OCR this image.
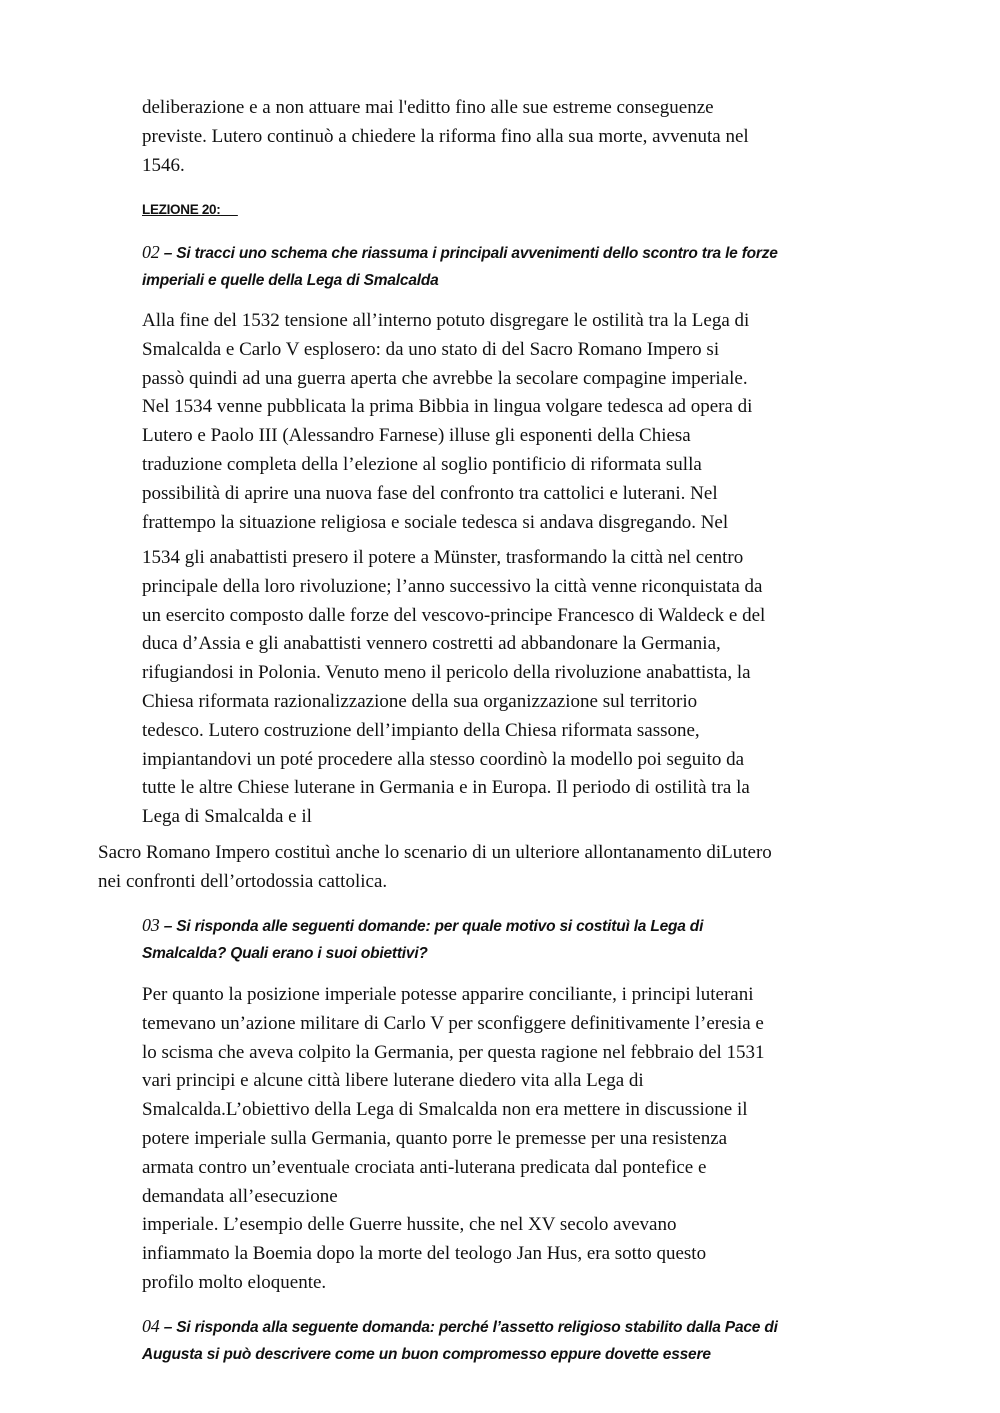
deliberazione e a non attuare mai l'editto fino alle sue estreme conseguenze
previste. Lutero continuò a chiedere la riforma fino alla sua morte, avvenuta nel
1546.
LEZIONE 20:
02 – Si tracci uno schema che riassuma i principali avvenimenti dello scontro tra le forze
imperiali e quelle della Lega di Smalcalda
Alla fine del 1532 tensione all’interno potuto disgregare le ostilità tra la Lega di
Smalcalda e Carlo V esplosero: da uno stato di del Sacro Romano Impero si
passò quindi ad una guerra aperta che avrebbe la secolare compagine imperiale.
Nel 1534 venne pubblicata la prima Bibbia in lingua volgare tedesca ad opera di
Lutero e Paolo III (Alessandro Farnese) illuse gli esponenti della Chiesa
traduzione completa della l’elezione al soglio pontificio di riformata sulla
possibilità di aprire una nuova fase del confronto tra cattolici e luterani. Nel
frattempo la situazione religiosa e sociale tedesca si andava disgregando. Nel
1534 gli anabattisti presero il potere a Münster, trasformando la città nel centro
principale della loro rivoluzione; l’anno successivo la città venne riconquistata da
un esercito composto dalle forze del vescovo-principe Francesco di Waldeck e del
duca d’Assia e gli anabattisti vennero costretti ad abbandonare la Germania,
rifugiandosi in Polonia. Venuto meno il pericolo della rivoluzione anabattista, la
Chiesa riformata razionalizzazione della sua organizzazione sul territorio
tedesco. Lutero costruzione dell’impianto della Chiesa riformata sassone,
impiantandovi un poté procedere alla stesso coordinò la modello poi seguito da
tutte le altre Chiese luterane in Germania e in Europa. Il periodo di ostilità tra la
Lega di Smalcalda e il
Sacro Romano Impero costituì anche lo scenario di un ulteriore allontanamento diLutero
nei confronti dell’ortodossia cattolica.
03 – Si risponda alle seguenti domande: per quale motivo si costituì la Lega di
Smalcalda? Quali erano i suoi obiettivi?
Per quanto la posizione imperiale potesse apparire conciliante, i principi luterani
temevano un’azione militare di Carlo V per sconfiggere definitivamente l’eresia e
lo scisma che aveva colpito la Germania, per questa ragione nel febbraio del 1531
vari principi e alcune città libere luterane diedero vita alla Lega di
Smalcalda.L’obiettivo della Lega di Smalcalda non era mettere in discussione il
potere imperiale sulla Germania, quanto porre le premesse per una resistenza
armata contro un’eventuale crociata anti-luterana predicata dal pontefice e
demandata all’esecuzione
imperiale. L’esempio delle Guerre hussite, che nel XV secolo avevano
infiammato la Boemia dopo la morte del teologo Jan Hus, era sotto questo
profilo molto eloquente.
04 – Si risponda alla seguente domanda: perché l’assetto religioso stabilito dalla Pace di
Augusta si può descrivere come un buon compromesso eppure dovette essere
